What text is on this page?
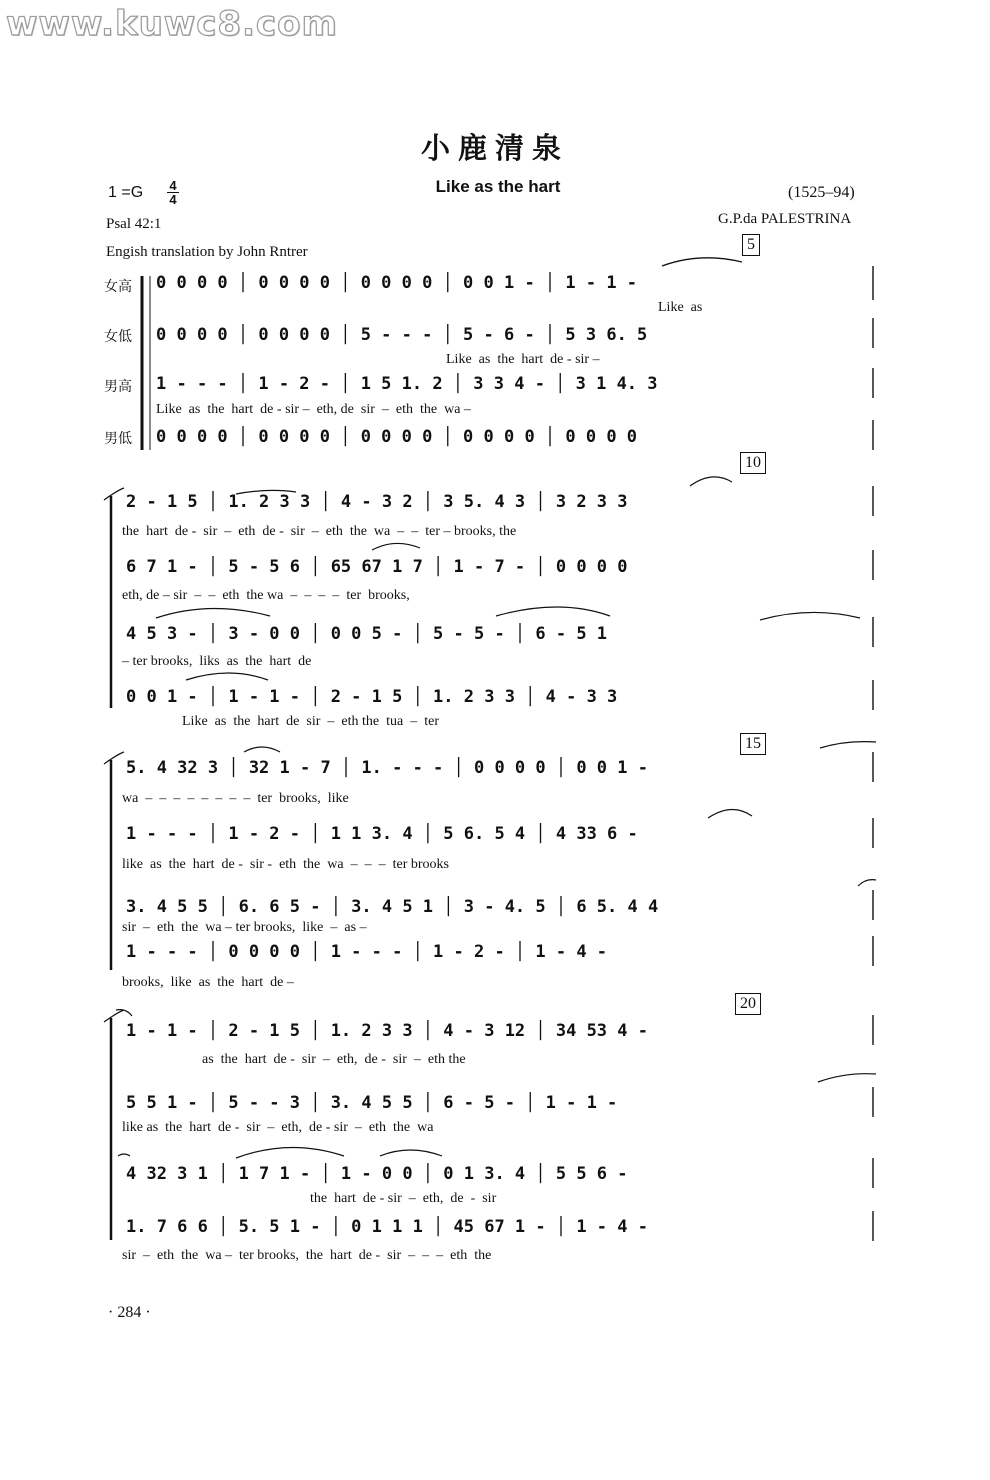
www.kuwc8.com
小鹿清泉
Like as the hart
1 =G 4
4	(1525–94)
Psal 42:1	G.P.da PALESTRINA
Engish translation by John Rntrer
女高
女低
男高
男低
5
10
15
20
0 0 0 0 │ 0 0 0 0 │ 0 0 0 0 │ 0 0 1 - │ 1 - 1 -
Like  as
0 0 0 0 │ 0 0 0 0 │ 5 - - - │ 5 - 6 - │ 5 3 6. 5
Like  as  the  hart  de - sir –
1 - - - │ 1 - 2 - │ 1 5 1. 2 │ 3 3 4 - │ 3 1 4. 3
Like  as  the  hart  de - sir –  eth, de  sir  –  eth  the  wa –
0 0 0 0 │ 0 0 0 0 │ 0 0 0 0 │ 0 0 0 0 │ 0 0 0 0
2 - 1 5 │ 1. 2 3 3 │ 4 - 3 2 │ 3 5. 4 3 │ 3 2 3 3
the  hart  de -  sir  –  eth  de -  sir  –  eth  the  wa  –  –  ter – brooks, the
6 7 1 - │ 5 - 5 6 │ 65 67 1 7 │ 1 - 7 - │ 0 0 0 0
eth, de – sir  –  –  eth  the wa  –  –  –  –  ter  brooks,
4 5 3 - │ 3 - 0 0 │ 0 0 5 - │ 5 - 5 - │ 6 - 5 1
– ter brooks,  liks  as  the  hart  de
0 0 1 - │ 1 - 1 - │ 2 - 1 5 │ 1. 2 3 3 │ 4 - 3 3
Like  as  the  hart  de  sir  –  eth the  tua  –  ter
5. 4 32 3 │ 32 1 - 7 │ 1. - - - │ 0 0 0 0 │ 0 0 1 -
wa  –  –  –  –  –  –  –  –  ter  brooks,  like
1 - - - │ 1 - 2 - │ 1 1 3. 4 │ 5 6. 5 4 │ 4 33 6 -
like  as  the  hart  de -  sir -  eth  the  wa  –  –  –  ter brooks
3. 4 5 5 │ 6. 6 5 - │ 3. 4 5 1 │ 3 - 4. 5 │ 6 5. 4 4
sir  –  eth  the  wa – ter brooks,  like  –  as –
1 - - - │ 0 0 0 0 │ 1 - - - │ 1 - 2 - │ 1 - 4 -
brooks,  like  as  the  hart  de –
1 - 1 - │ 2 - 1 5 │ 1. 2 3 3 │ 4 - 3 12 │ 34 53 4 -
as  the  hart  de -  sir  –  eth,  de -  sir  –  eth the
5 5 1 - │ 5 - - 3 │ 3. 4 5 5 │ 6 - 5 - │ 1 - 1 -
like as  the  hart  de -  sir  –  eth,  de - sir  –  eth  the  wa
4 32 3 1 │ 1 7 1 - │ 1 - 0 0 │ 0 1 3. 4 │ 5 5 6 -
the  hart  de - sir  –  eth,  de  -  sir
1. 7 6 6 │ 5. 5 1 - │ 0 1 1 1 │ 45 67 1 - │ 1 - 4 -
sir  –  eth  the  wa –  ter brooks,  the  hart  de -  sir  –  –  –  eth  the
· 284 ·
